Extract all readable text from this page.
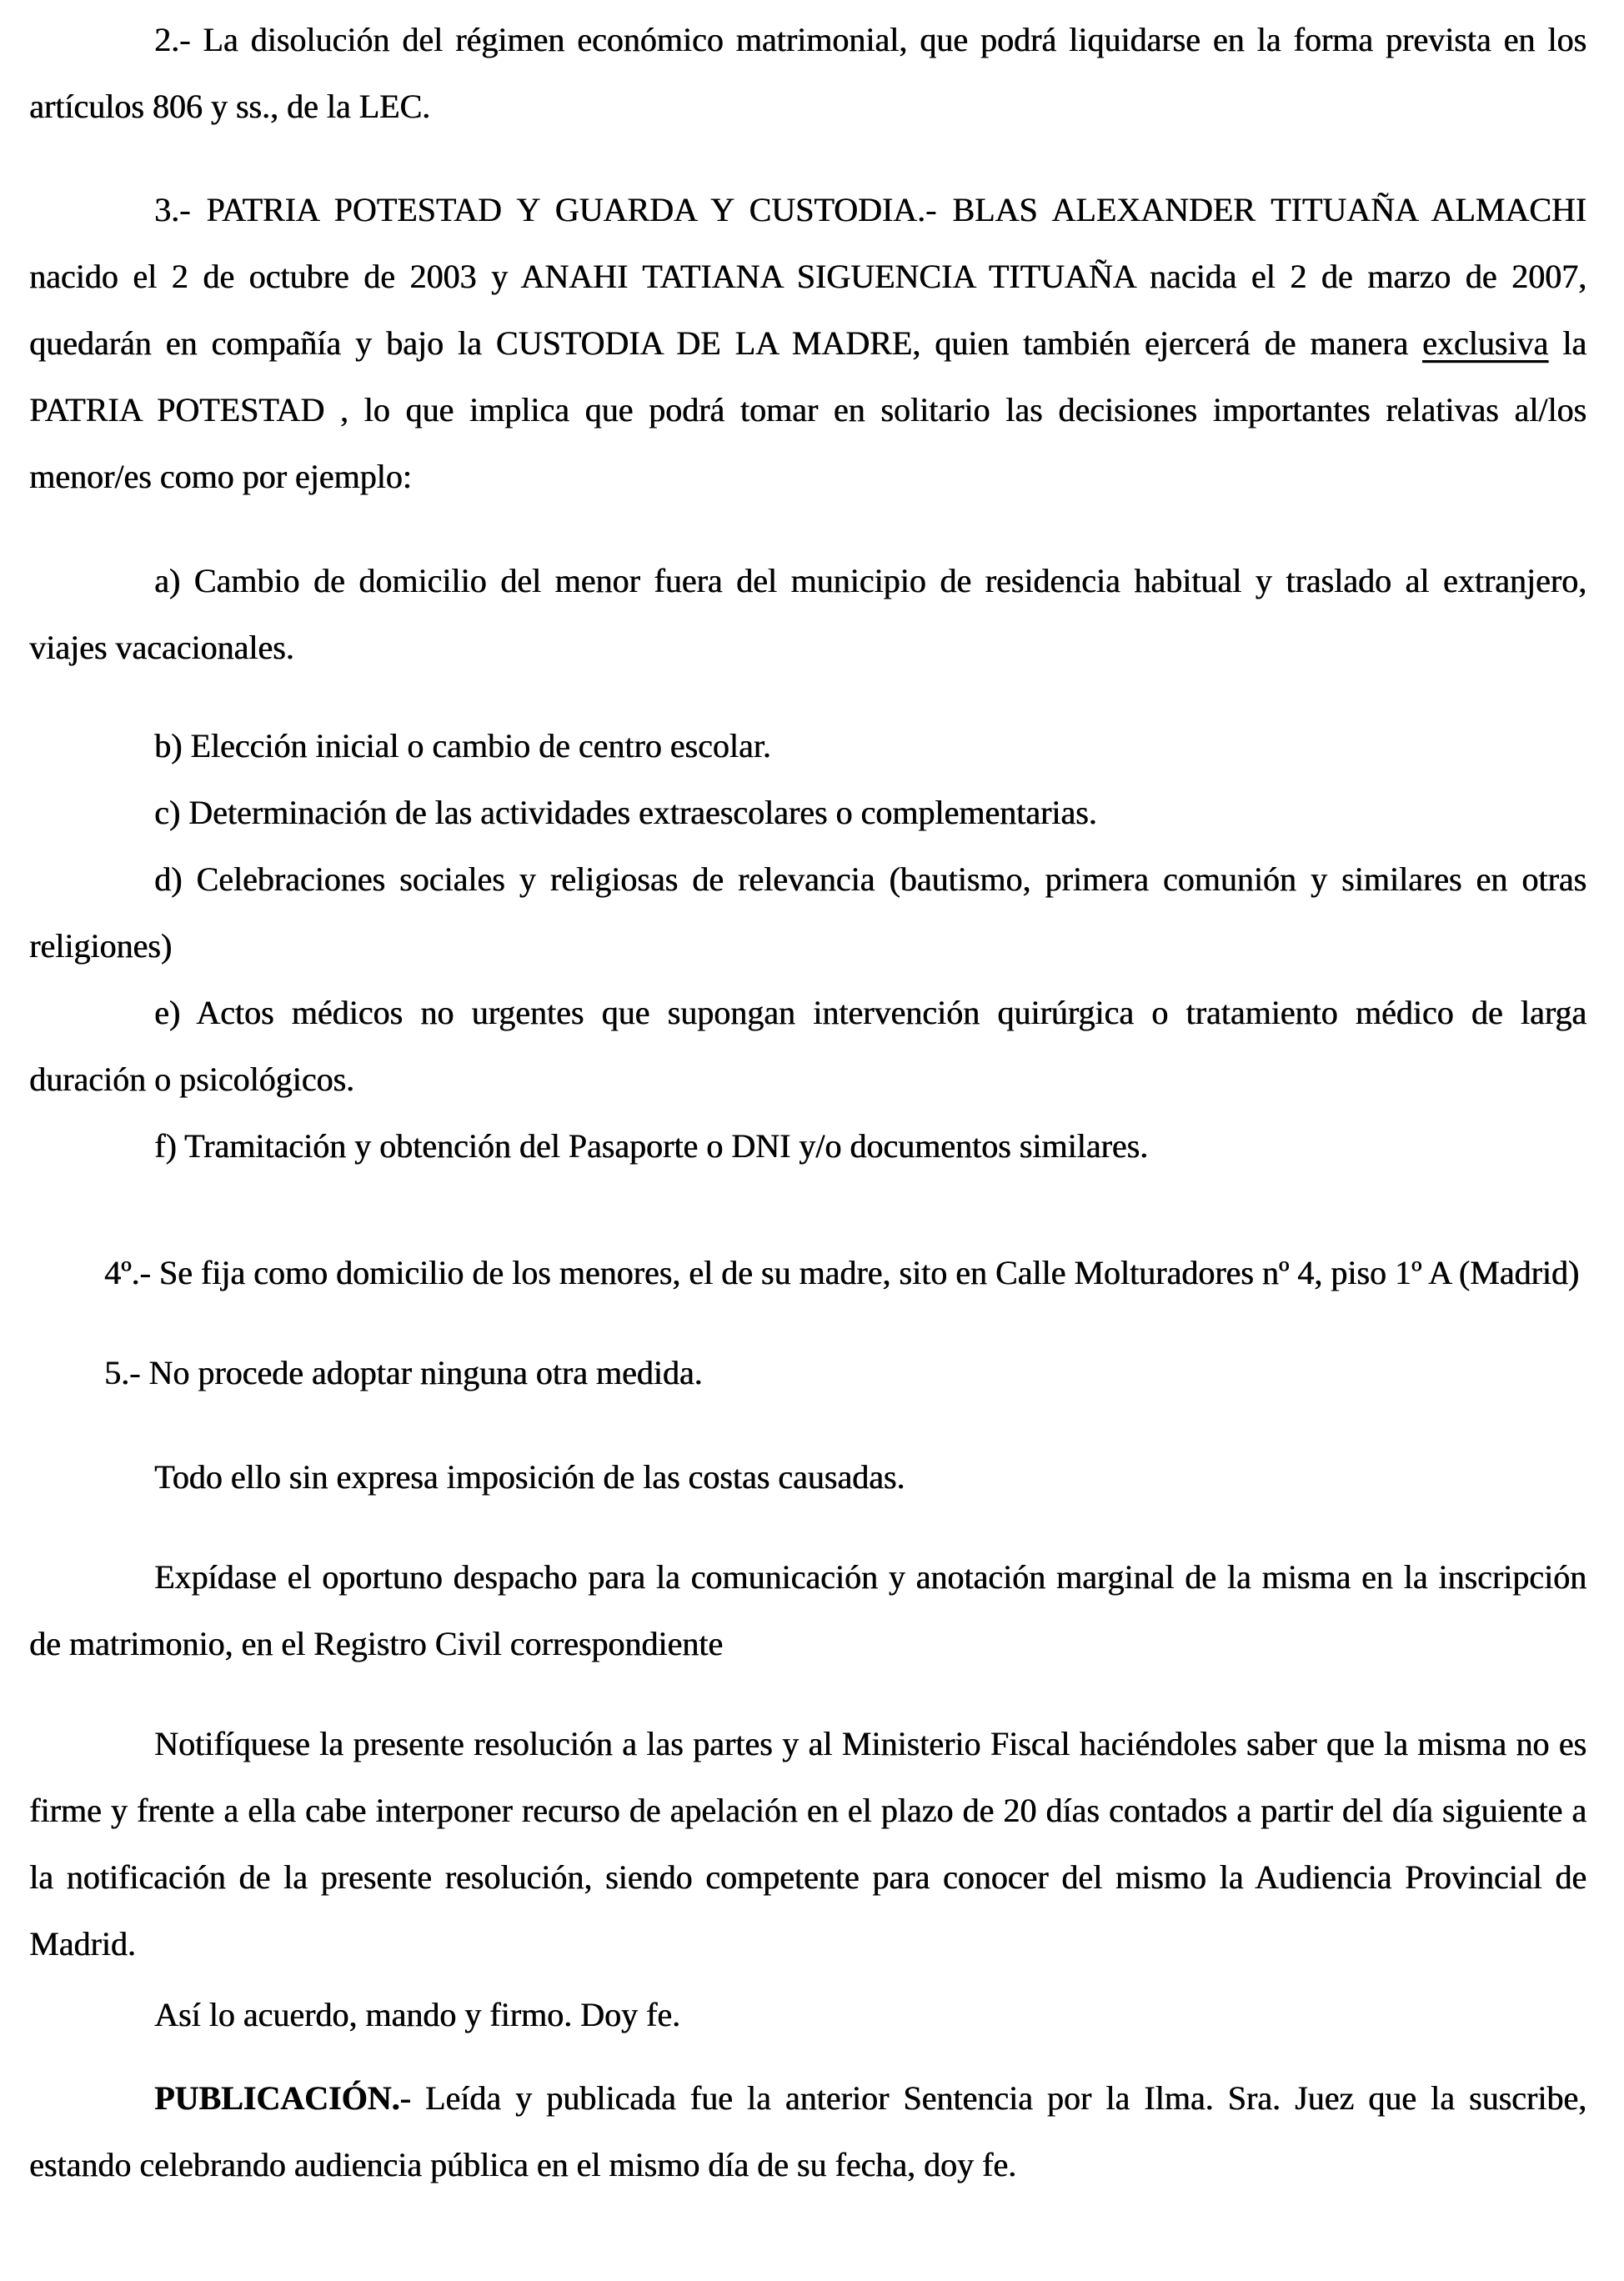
2.- La disolución del régimen económico matrimonial, que podrá liquidarse en la forma prevista en los artículos 806 y ss., de la LEC.

3.- PATRIA POTESTAD Y GUARDA Y CUSTODIA.- BLAS ALEXANDER TITUAÑA ALMACHI nacido el 2 de octubre de 2003 y ANAHI TATIANA SIGUENCIA TITUAÑA nacida el 2 de marzo de 2007, quedarán en compañía y bajo la CUSTODIA DE LA MADRE, quien también ejercerá de manera exclusiva la PATRIA POTESTAD , lo que implica que podrá tomar en solitario las decisiones importantes relativas al/los menor/es como por ejemplo:

a) Cambio de domicilio del menor fuera del municipio de residencia habitual y traslado al extranjero, viajes vacacionales.

b) Elección inicial o cambio de centro escolar.

c) Determinación de las actividades extraescolares o complementarias.

d) Celebraciones sociales y religiosas de relevancia (bautismo, primera comunión y similares en otras religiones)

e) Actos médicos no urgentes que supongan intervención quirúrgica o tratamiento médico de larga duración o psicológicos.

f) Tramitación y obtención del Pasaporte o DNI y/o documentos similares.

4º.- Se fija como domicilio de los menores, el de su madre, sito en Calle Molturadores nº 4, piso 1º A (Madrid)

5.- No procede adoptar ninguna otra medida.

Todo ello sin expresa imposición de las costas causadas.

Expídase el oportuno despacho para la comunicación y anotación marginal de la misma en la inscripción de matrimonio, en el Registro Civil correspondiente

Notifíquese la presente resolución a las partes y al Ministerio Fiscal haciéndoles saber que la misma no es firme y frente a ella cabe interponer recurso de apelación en el plazo de 20 días contados a partir del día siguiente a la notificación de la presente resolución, siendo competente para conocer del mismo la Audiencia Provincial de Madrid.

Así lo acuerdo, mando y firmo. Doy fe.

PUBLICACIÓN.- Leída y publicada fue la anterior Sentencia por la Ilma. Sra. Juez que la suscribe, estando celebrando audiencia pública en el mismo día de su fecha, doy fe.
